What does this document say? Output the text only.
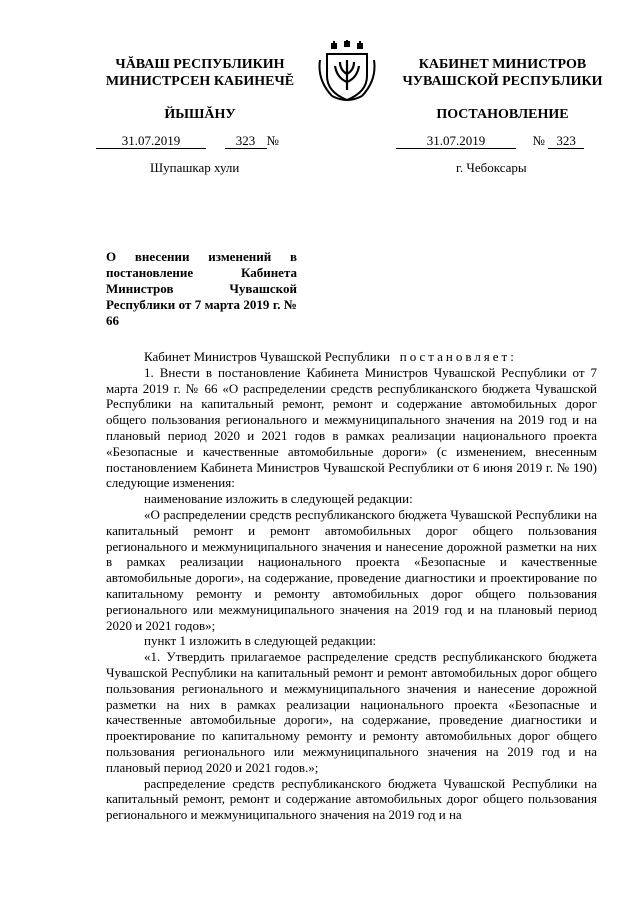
ЧĂВАШ РЕСПУБЛИКИН
МИНИСТРСЕН КАБИНЕЧĔ
ЙЫШĂНУ
КАБИНЕТ МИНИСТРОВ
ЧУВАШСКОЙ РЕСПУБЛИКИ
ПОСТАНОВЛЕНИЕ
31.07.2019	323 №	31.07.2019	№ 323
Шупашкар хули	г. Чебоксары
О внесении изменений в постановление Кабинета Министров Чувашской Республики от 7 марта 2019 г. № 66

Кабинет Министров Чувашской Республики постановляет:

1. Внести в постановление Кабинета Министров Чувашской Республики от 7 марта 2019 г. № 66 «О распределении средств республиканского бюджета Чувашской Республики на капитальный ремонт, ремонт и содержание автомобильных дорог общего пользования регионального и межмуниципального значения на 2019 год и на плановый период 2020 и 2021 годов в рамках реализации национального проекта «Безопасные и качественные автомобильные дороги» (с изменением, внесенным постановлением Кабинета Министров Чувашской Республики от 6 июня 2019 г. № 190) следующие изменения:

наименование изложить в следующей редакции:

«О распределении средств республиканского бюджета Чувашской Республики на капитальный ремонт и ремонт автомобильных дорог общего пользования регионального и межмуниципального значения и нанесение дорожной разметки на них в рамках реализации национального проекта «Безопасные и качественные автомобильные дороги», на содержание, проведение диагностики и проектирование по капитальному ремонту и ремонту автомобильных дорог общего пользования регионального или межмуниципального значения на 2019 год и на плановый период 2020 и 2021 годов»;

пункт 1 изложить в следующей редакции:

«1. Утвердить прилагаемое распределение средств республиканского бюджета Чувашской Республики на капитальный ремонт и ремонт автомобильных дорог общего пользования регионального и межмуниципального значения и нанесение дорожной разметки на них в рамках реализации национального проекта «Безопасные и качественные автомобильные дороги», на содержание, проведение диагностики и проектирование по капитальному ремонту и ремонту автомобильных дорог общего пользования регионального или межмуниципального значения на 2019 год и на плановый период 2020 и 2021 годов.»;

распределение средств республиканского бюджета Чувашской Республики на капитальный ремонт, ремонт и содержание автомобильных дорог общего пользования регионального и межмуниципального значения на 2019 год и на
